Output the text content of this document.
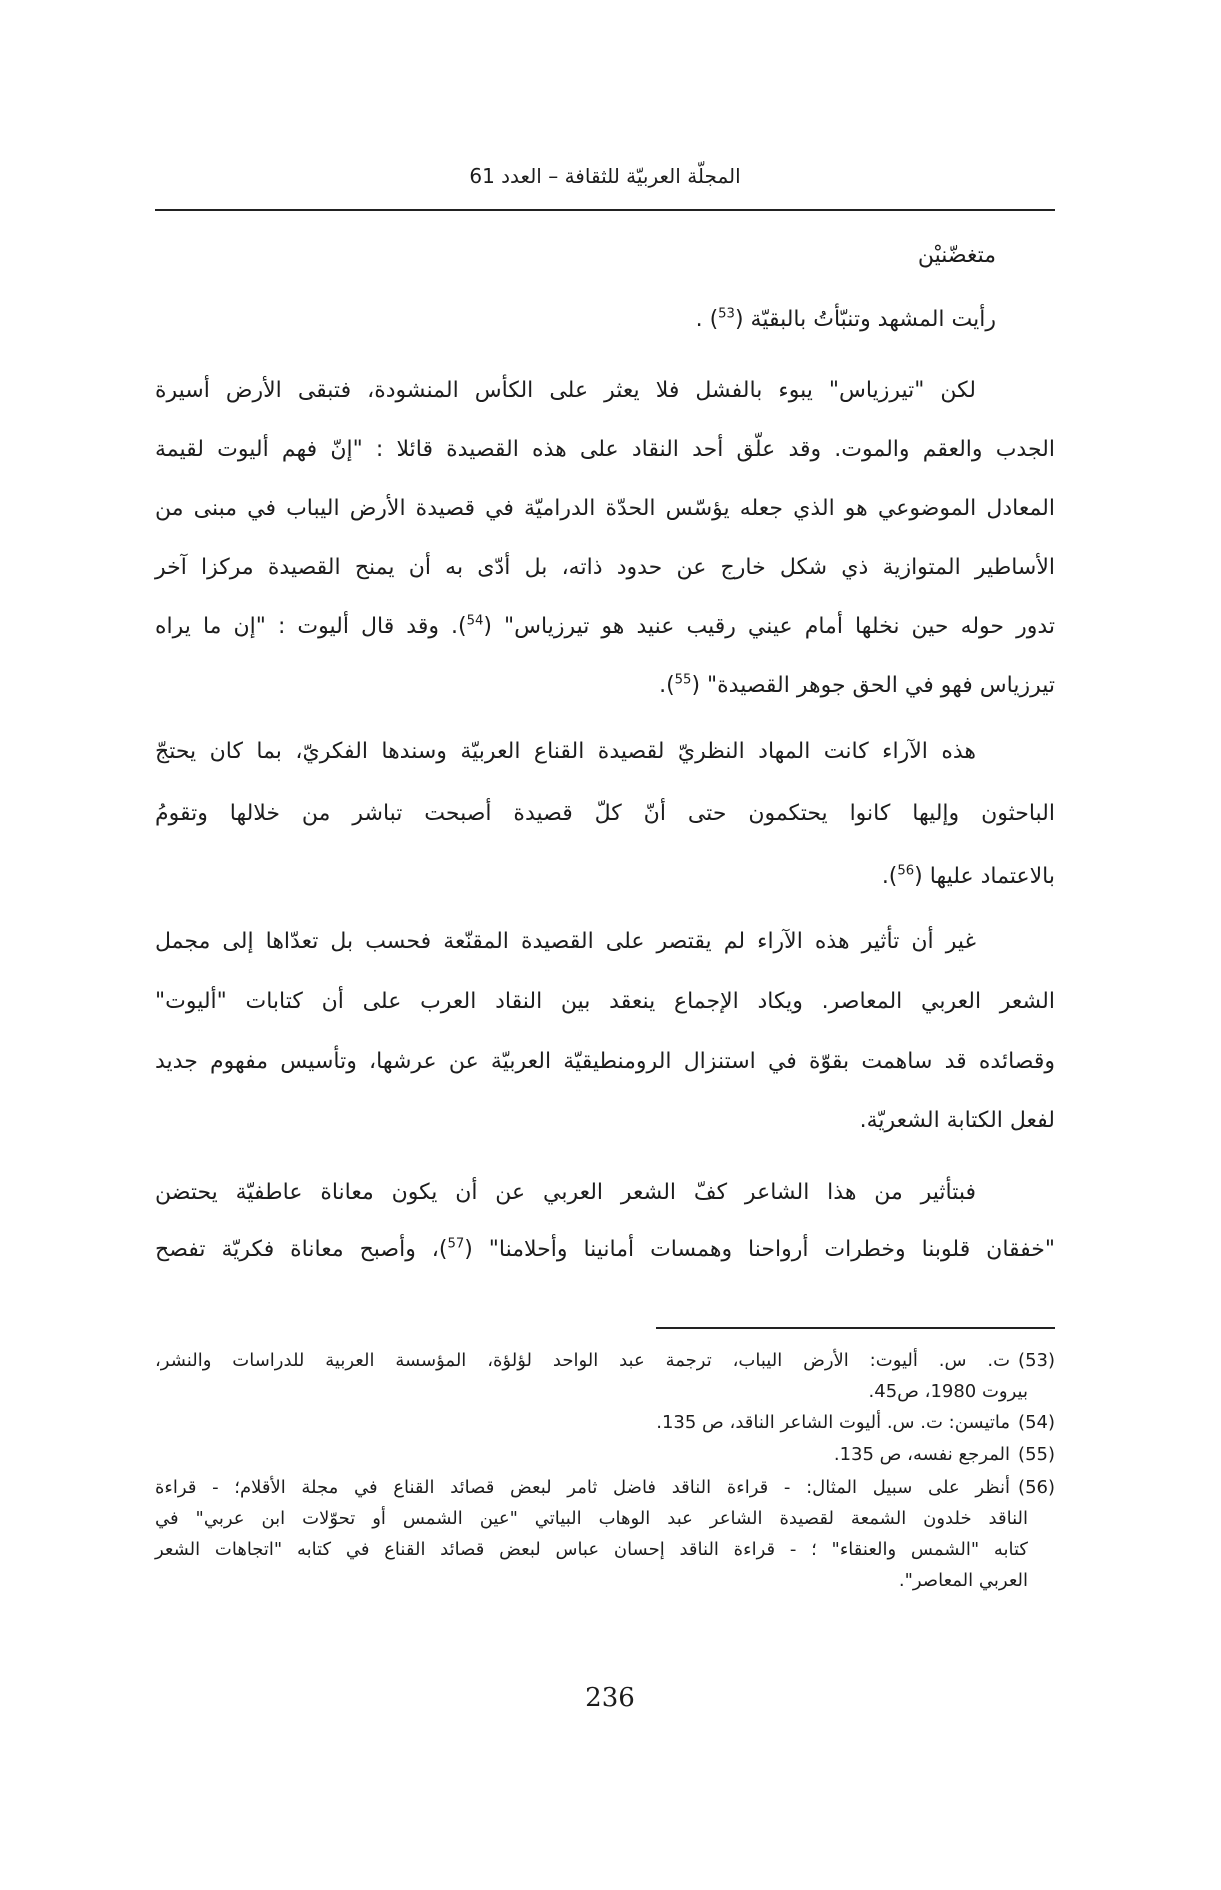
المجلّة العربيّة للثقافة – العدد 61
متغضّنيْن
رأيت المشهد وتنبّأتُ بالبقيّة ($^{53}$) .
لكن "تيرزياس" يبوء بالفشل فلا يعثر على الكأس المنشودة، فتبقى الأرض أسيرة
الجدب والعقم والموت. وقد علّق أحد النقاد على هذه القصيدة قائلا : "إنّ فهم أليوت لقيمة
المعادل الموضوعي هو الذي جعله يؤسّس الحدّة الدراميّة في قصيدة الأرض اليباب في مبنى من
الأساطير المتوازية ذي شكل خارج عن حدود ذاته، بل أدّى به أن يمنح القصيدة مركزا آخر
تدور حوله حين نخلها أمام عيني رقيب عنيد هو تيرزياس" ($^{54}$). وقد قال أليوت : "إن ما يراه
تيرزياس فهو في الحق جوهر القصيدة" ($^{55}$).
هذه الآراء كانت المهاد النظريّ لقصيدة القناع العربيّة وسندها الفكريّ، بما كان يحتجّ
الباحثون وإليها كانوا يحتكمون حتى أنّ كلّ قصيدة أصبحت تباشر من خلالها وتقومُ
بالاعتماد عليها ($^{56}$).
غير أن تأثير هذه الآراء لم يقتصر على القصيدة المقنّعة فحسب بل تعدّاها إلى مجمل
الشعر العربي المعاصر. ويكاد الإجماع ينعقد بين النقاد العرب على أن كتابات "أليوت"
وقصائده قد ساهمت بقوّة في استنزال الرومنطيقيّة العربيّة عن عرشها، وتأسيس مفهوم جديد
لفعل الكتابة الشعريّة.
فبتأثير من هذا الشاعر كفّ الشعر العربي عن أن يكون معاناة عاطفيّة يحتضن
"خفقان قلوبنا وخطرات أرواحنا وهمسات أمانينا وأحلامنا" ($^{57}$)، وأصبح معاناة فكريّة تفصح
(53)ت. س. أليوت: الأرض اليباب، ترجمة عبد الواحد لؤلؤة، المؤسسة العربية للدراسات والنشر،
بيروت 1980، ص45.
(54)ماتيسن: ت. س. أليوت الشاعر الناقد، ص 135.
(55)المرجع نفسه، ص 135.
(56)أنظر على سبيل المثال: - قراءة الناقد فاضل ثامر لبعض قصائد القناع في مجلة الأقلام؛ - قراءة
الناقد خلدون الشمعة لقصيدة الشاعر عبد الوهاب البياتي "عين الشمس أو تحوّلات ابن عربي" في
كتابه "الشمس والعنقاء" ؛ - قراءة الناقد إحسان عباس لبعض قصائد القناع في كتابه "اتجاهات الشعر
العربي المعاصر".
236
